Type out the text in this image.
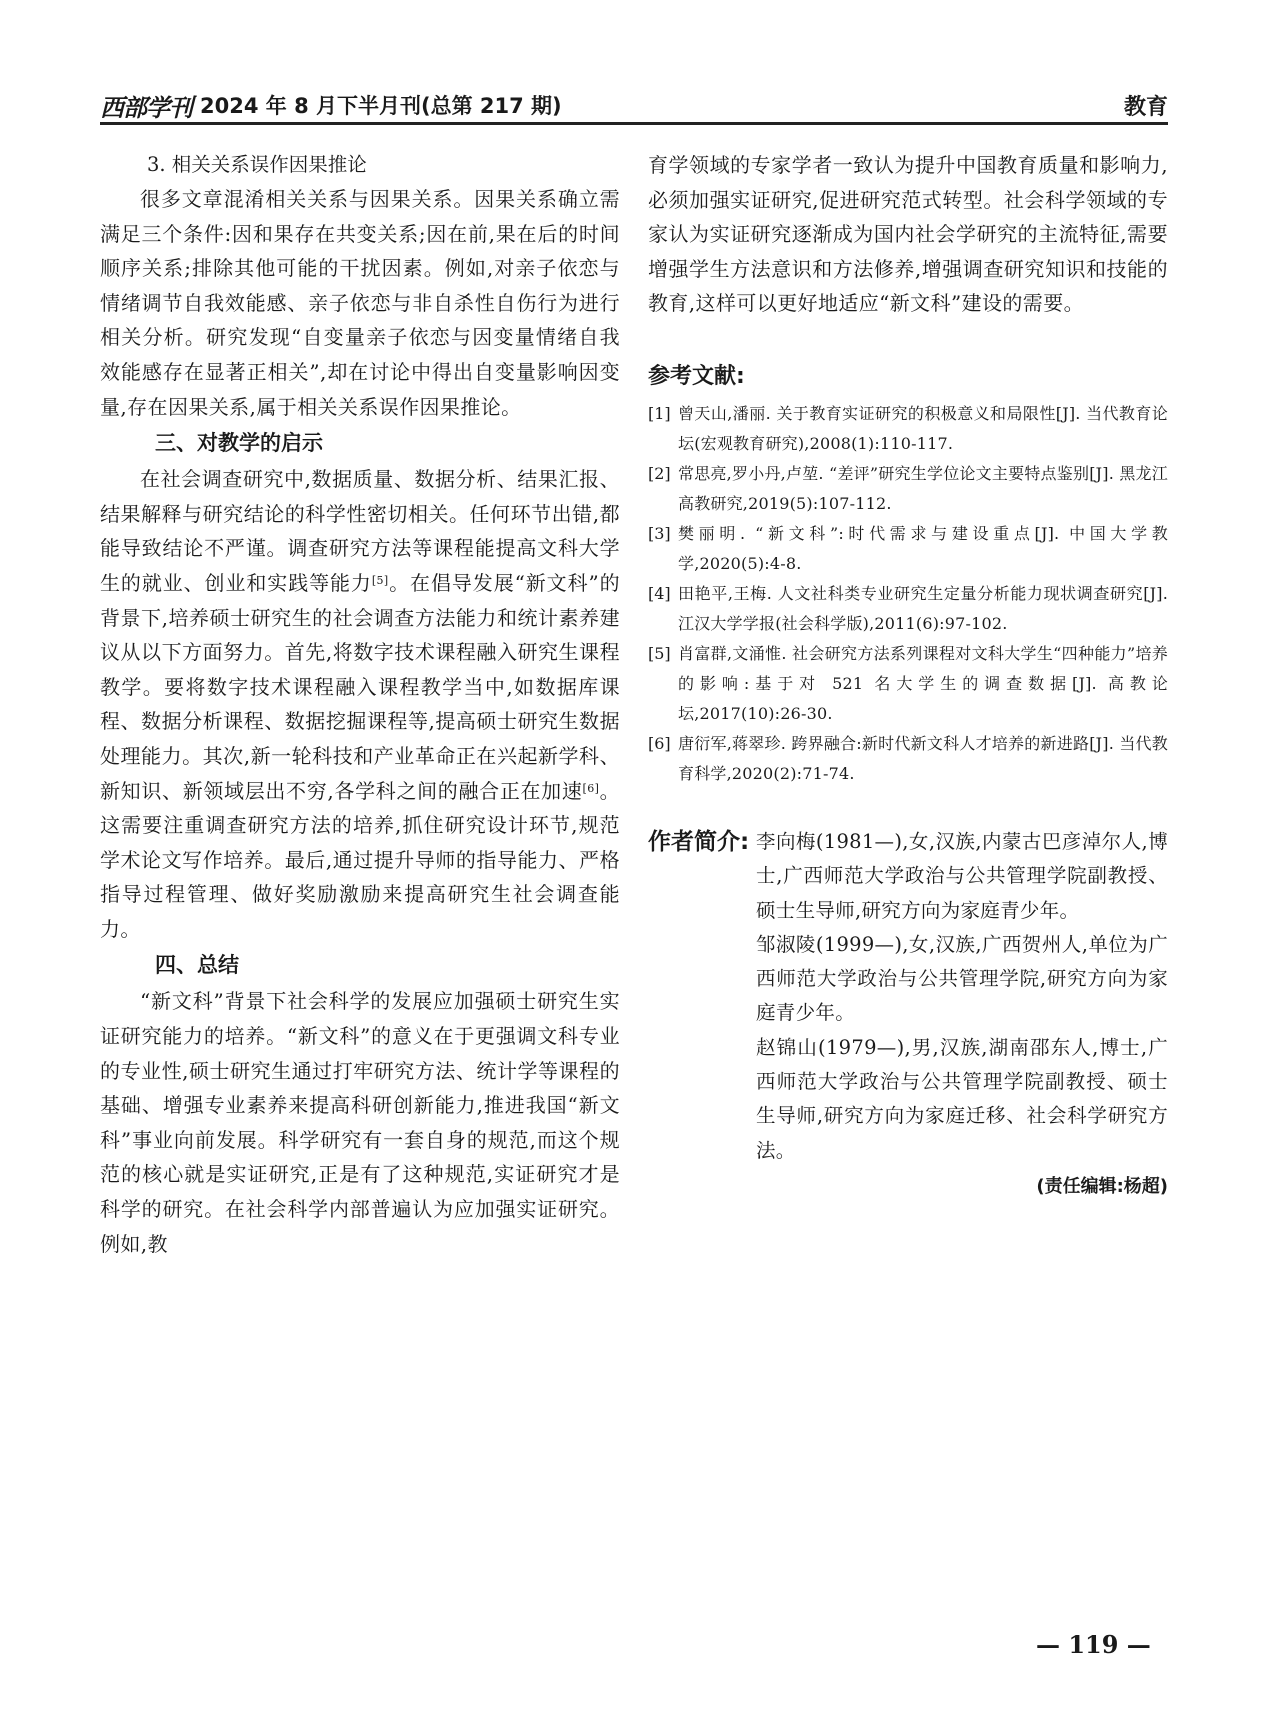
西部学刊 2024 年 8 月下半月刊(总第 217 期)	教育

3. 相关关系误作因果推论

很多文章混淆相关关系与因果关系。因果关系确立需满足三个条件:因和果存在共变关系;因在前,果在后的时间顺序关系;排除其他可能的干扰因素。例如,对亲子依恋与情绪调节自我效能感、亲子依恋与非自杀性自伤行为进行相关分析。研究发现“自变量亲子依恋与因变量情绪自我效能感存在显著正相关”,却在讨论中得出自变量影响因变量,存在因果关系,属于相关关系误作因果推论。

三、对教学的启示

在社会调查研究中,数据质量、数据分析、结果汇报、结果解释与研究结论的科学性密切相关。任何环节出错,都能导致结论不严谨。调查研究方法等课程能提高文科大学生的就业、创业和实践等能力[5]。在倡导发展“新文科”的背景下,培养硕士研究生的社会调查方法能力和统计素养建议从以下方面努力。首先,将数字技术课程融入研究生课程教学。要将数字技术课程融入课程教学当中,如数据库课程、数据分析课程、数据挖掘课程等,提高硕士研究生数据处理能力。其次,新一轮科技和产业革命正在兴起新学科、新知识、新领域层出不穷,各学科之间的融合正在加速[6]。这需要注重调查研究方法的培养,抓住研究设计环节,规范学术论文写作培养。最后,通过提升导师的指导能力、严格指导过程管理、做好奖励激励来提高研究生社会调查能力。

四、总结

“新文科”背景下社会科学的发展应加强硕士研究生实证研究能力的培养。“新文科”的意义在于更强调文科专业的专业性,硕士研究生通过打牢研究方法、统计学等课程的基础、增强专业素养来提高科研创新能力,推进我国“新文科”事业向前发展。科学研究有一套自身的规范,而这个规范的核心就是实证研究,正是有了这种规范,实证研究才是科学的研究。在社会科学内部普遍认为应加强实证研究。例如,教

育学领域的专家学者一致认为提升中国教育质量和影响力,必须加强实证研究,促进研究范式转型。社会科学领域的专家认为实证研究逐渐成为国内社会学研究的主流特征,需要增强学生方法意识和方法修养,增强调查研究知识和技能的教育,这样可以更好地适应“新文科”建设的需要。

参考文献:
[1] 曾天山,潘丽. 关于教育实证研究的积极意义和局限性[J]. 当代教育论坛(宏观教育研究),2008(1):110-117.
[2] 常思亮,罗小丹,卢堃. “差评”研究生学位论文主要特点鉴别[J]. 黑龙江高教研究,2019(5):107-112.
[3] 樊丽明. “新文科”:时代需求与建设重点[J]. 中国大学教学,2020(5):4-8.
[4] 田艳平,王梅. 人文社科类专业研究生定量分析能力现状调查研究[J]. 江汉大学学报(社会科学版),2011(6):97-102.
[5] 肖富群,文涌惟. 社会研究方法系列课程对文科大学生“四种能力”培养的影响:基于对 521 名大学生的调查数据[J]. 高教论坛,2017(10):26-30.
[6] 唐衍军,蒋翠珍. 跨界融合:新时代新文科人才培养的新进路[J]. 当代教育科学,2020(2):71-74.
作者简介: 李向梅(1981—),女,汉族,内蒙古巴彦淖尔人,博士,广西师范大学政治与公共管理学院副教授、硕士生导师,研究方向为家庭青少年。

邹淑陵(1999—),女,汉族,广西贺州人,单位为广西师范大学政治与公共管理学院,研究方向为家庭青少年。

赵锦山(1979—),男,汉族,湖南邵东人,博士,广西师范大学政治与公共管理学院副教授、硕士生导师,研究方向为家庭迁移、社会科学研究方法。

(责任编辑:杨超)
— 119 —
